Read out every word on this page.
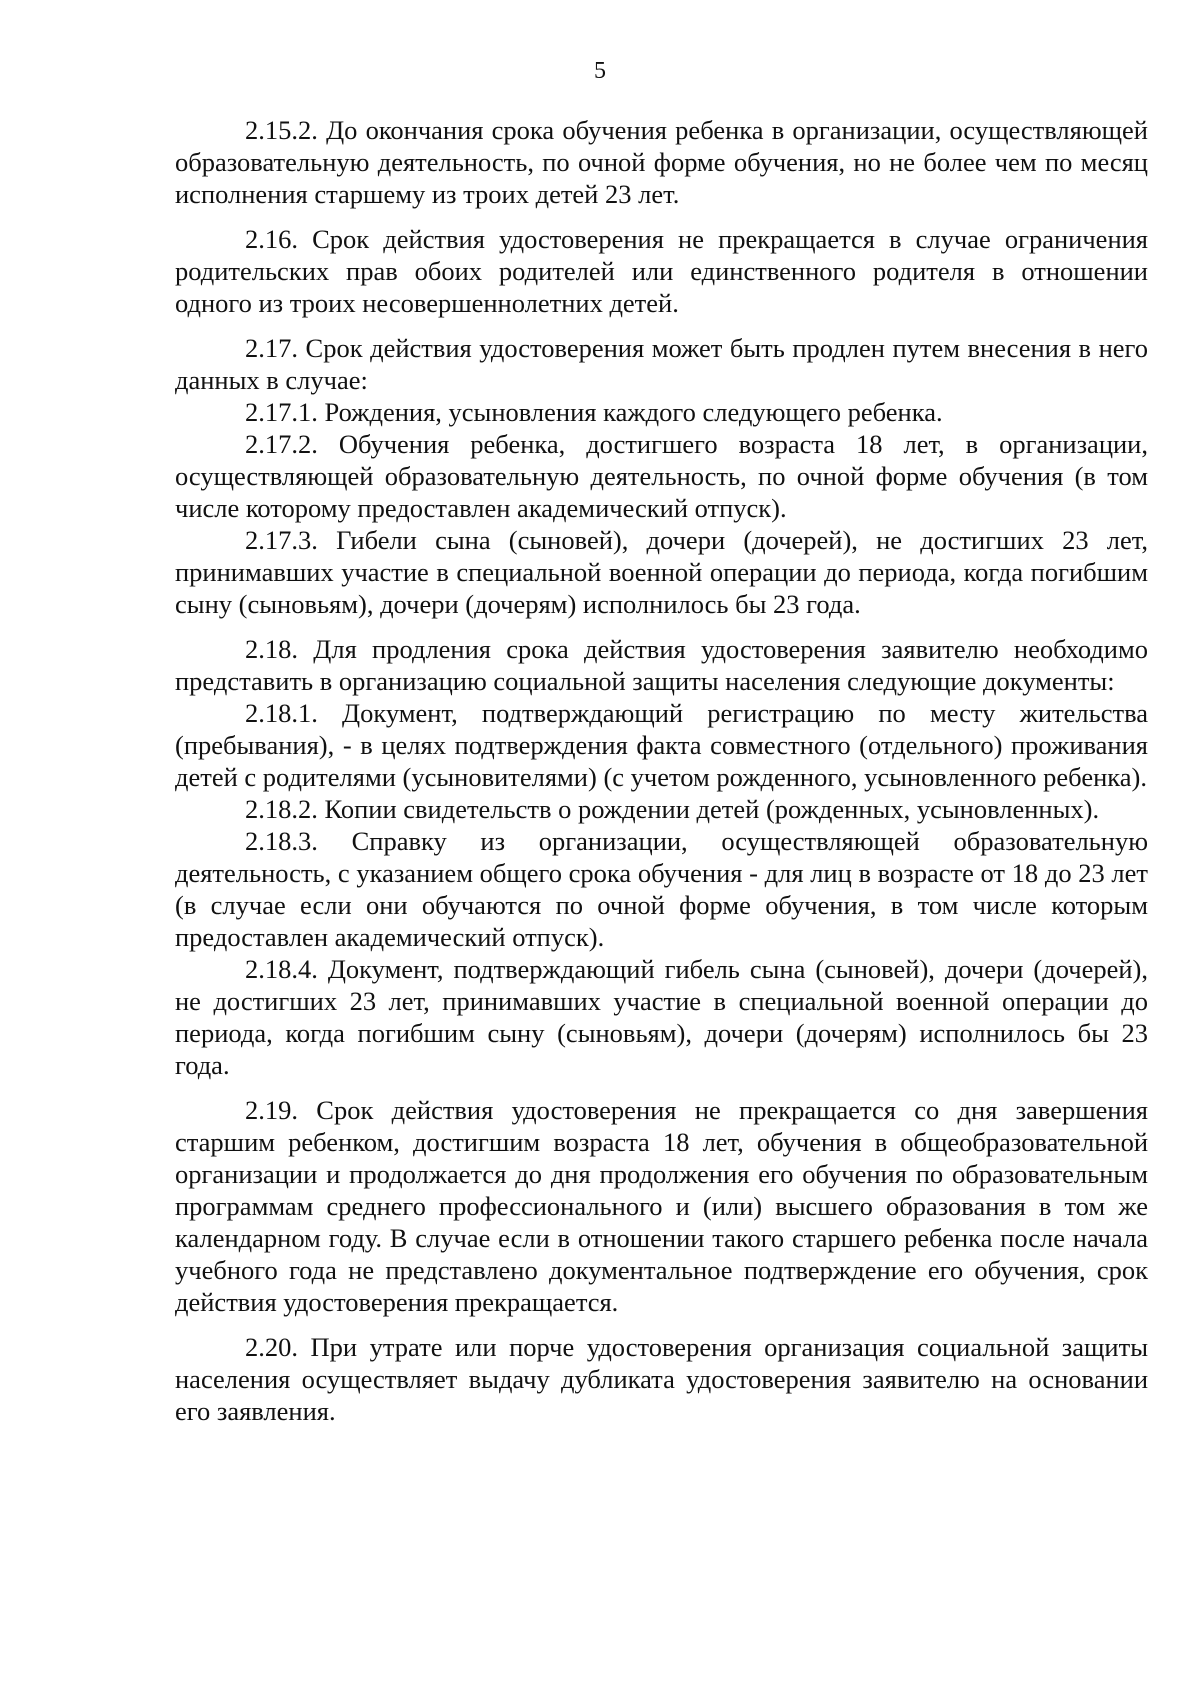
5

2.15.2. До окончания срока обучения ребенка в организации, осуществляющей образовательную деятельность, по очной форме обучения, но не более чем по месяц исполнения старшему из троих детей 23 лет.

2.16. Срок действия удостоверения не прекращается в случае ограничения родительских прав обоих родителей или единственного родителя в отношении одного из троих несовершеннолетних детей.

2.17. Срок действия удостоверения может быть продлен путем внесения в него данных в случае:

2.17.1. Рождения, усыновления каждого следующего ребенка.

2.17.2. Обучения ребенка, достигшего возраста 18 лет, в организации, осуществляющей образовательную деятельность, по очной форме обучения (в том числе которому предоставлен академический отпуск).

2.17.3. Гибели сына (сыновей), дочери (дочерей), не достигших 23 лет, принимавших участие в специальной военной операции до периода, когда погибшим сыну (сыновьям), дочери (дочерям) исполнилось бы 23 года.

2.18. Для продления срока действия удостоверения заявителю необходимо представить в организацию социальной защиты населения следующие документы:

2.18.1. Документ, подтверждающий регистрацию по месту жительства (пребывания), - в целях подтверждения факта совместного (отдельного) проживания детей с родителями (усыновителями) (с учетом рожденного, усыновленного ребенка).

2.18.2. Копии свидетельств о рождении детей (рожденных, усыновленных).

2.18.3. Справку из организации, осуществляющей образовательную деятельность, с указанием общего срока обучения - для лиц в возрасте от 18 до 23 лет (в случае если они обучаются по очной форме обучения, в том числе которым предоставлен академический отпуск).

2.18.4. Документ, подтверждающий гибель сына (сыновей), дочери (дочерей), не достигших 23 лет, принимавших участие в специальной военной операции до периода, когда погибшим сыну (сыновьям), дочери (дочерям) исполнилось бы 23 года.

2.19. Срок действия удостоверения не прекращается со дня завершения старшим ребенком, достигшим возраста 18 лет, обучения в общеобразовательной организации и продолжается до дня продолжения его обучения по образовательным программам среднего профессионального и (или) высшего образования в том же календарном году. В случае если в отношении такого старшего ребенка после начала учебного года не представлено документальное подтверждение его обучения, срок действия удостоверения прекращается.

2.20. При утрате или порче удостоверения организация социальной защиты населения осуществляет выдачу дубликата удостоверения заявителю на основании его заявления.
